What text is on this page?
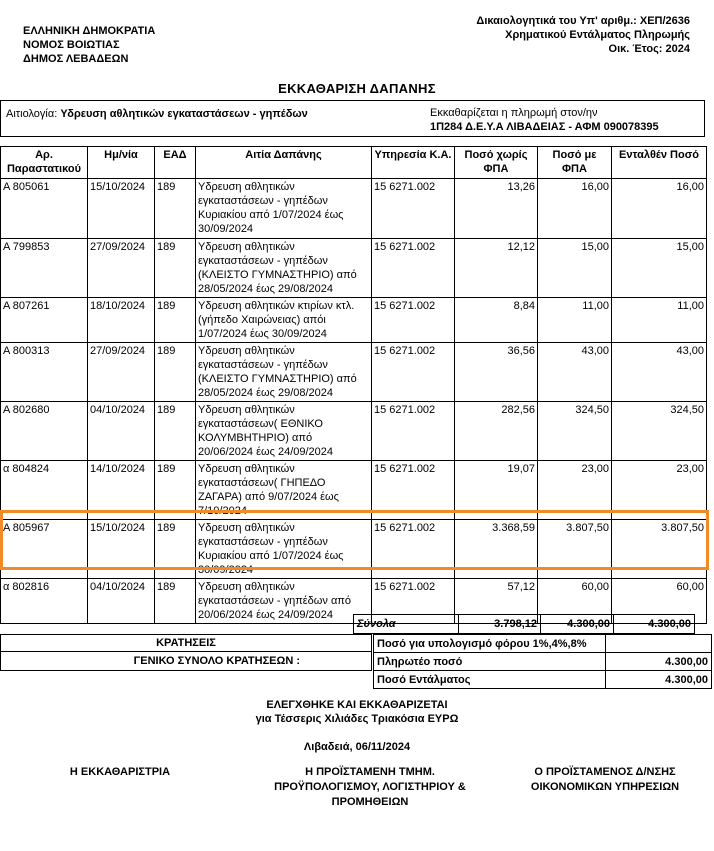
ΕΛΛΗΝΙΚΗ ΔΗΜΟΚΡΑΤΙΑ
ΝΟΜΟΣ ΒΟΙΩΤΙΑΣ
ΔΗΜΟΣ ΛΕΒΑΔΕΩΝ
Δικαιολογητικά του Υπ' αριθμ.: ΧΕΠ/2636
Χρηματικού Εντάλματος Πληρωμής
Οικ. Έτος: 2024
ΕΚΚΑΘΑΡΙΣΗ ΔΑΠΑΝΗΣ
Αιτιολογία: Υδρευση αθλητικών εγκαταστάσεων - γηπέδων	Εκκαθαρίζεται η πληρωμή στον/ην
1Π284 Δ.Ε.Υ.Α ΛΙΒΑΔΕΙΑΣ - ΑΦΜ 090078395
Αρ. Παραστατικού	Ημ/νία	ΕΑΔ	Αιτία Δαπάνης	Υπηρεσία Κ.Α.	Ποσό χωρίς ΦΠΑ	Ποσό με ΦΠΑ	Ενταλθέν Ποσό
Α 805061	15/10/2024	189	Υδρευση αθλητικών εγκαταστάσεων - γηπέδων Κυριακίου από 1/07/2024 έως 30/09/2024	15 6271.002	13,26	16,00	16,00
Α 799853	27/09/2024	189	Υδρευση αθλητικών εγκαταστάσεων - γηπέδων (ΚΛΕΙΣΤΟ ΓΥΜΝΑΣΤΗΡΙΟ) από 28/05/2024 έως 29/08/2024	15 6271.002	12,12	15,00	15,00
Α 807261	18/10/2024	189	Υδρευση αθλητικών κτιρίων κτλ. (γήπεδο Χαιρώνειας) απόι 1/07/2024 έως 30/09/2024	15 6271.002	8,84	11,00	11,00
Α 800313	27/09/2024	189	Υδρευση αθλητικών εγκαταστάσεων - γηπέδων (ΚΛΕΙΣΤΟ ΓΥΜΝΑΣΤΗΡΙΟ) από 28/05/2024 έως 29/08/2024	15 6271.002	36,56	43,00	43,00
Α 802680	04/10/2024	189	Υδρευση αθλητικών εγκαταστάσεων( ΕΘΝΙΚΟ ΚΟΛΥΜΒΗΤΗΡΙΟ) από 20/06/2024 έως 24/09/2024	15 6271.002	282,56	324,50	324,50
α 804824	14/10/2024	189	Υδρευση αθλητικών εγκαταστάσεων( ΓΗΠΕΔΟ ΖΑΓΑΡΑ) από 9/07/2024 έως 7/10/2024	15 6271.002	19,07	23,00	23,00
Α 805967	15/10/2024	189	Υδρευση αθλητικών εγκαταστάσεων - γηπέδων Κυριακίου από 1/07/2024 έως 30/09/2024	15 6271.002	3.368,59	3.807,50	3.807,50
α 802816	04/10/2024	189	Υδρευση αθλητικών εγκαταστάσεων - γηπέδων από 20/06/2024 έως 24/09/2024	15 6271.002	57,12	60,00	60,00
Σύνολα	3.798,12	4.300,00	4.300,00
ΚΡΑΤΗΣΕΙΣ
ΓΕΝΙΚΟ ΣΥΝΟΛΟ ΚΡΑΤΗΣΕΩΝ :
Ποσό για υπολογισμό φόρου 1%,4%,8%	
Πληρωτέο ποσό	4.300,00
Ποσό Εντάλματος	4.300,00
ΕΛΕΓΧΘΗΚΕ ΚΑΙ ΕΚΚΑΘΑΡΙΖΕΤΑΙ
για Τέσσερις Χιλιάδες Τριακόσια ΕΥΡΩ
Λιβαδειά, 06/11/2024
Η ΕΚΚΑΘΑΡΙΣΤΡΙΑ	Η ΠΡΟΪΣΤΑΜΕΝΗ ΤΜΗΜ.
ΠΡΟΫΠΟΛΟΓΙΣΜΟΥ, ΛΟΓΙΣΤΗΡΙΟΥ &
ΠΡΟΜΗΘΕΙΩΝ
Ο ΠΡΟΪΣΤΑΜΕΝΟΣ Δ/ΝΣΗΣ
ΟΙΚΟΝΟΜΙΚΩΝ ΥΠΗΡΕΣΙΩΝ
